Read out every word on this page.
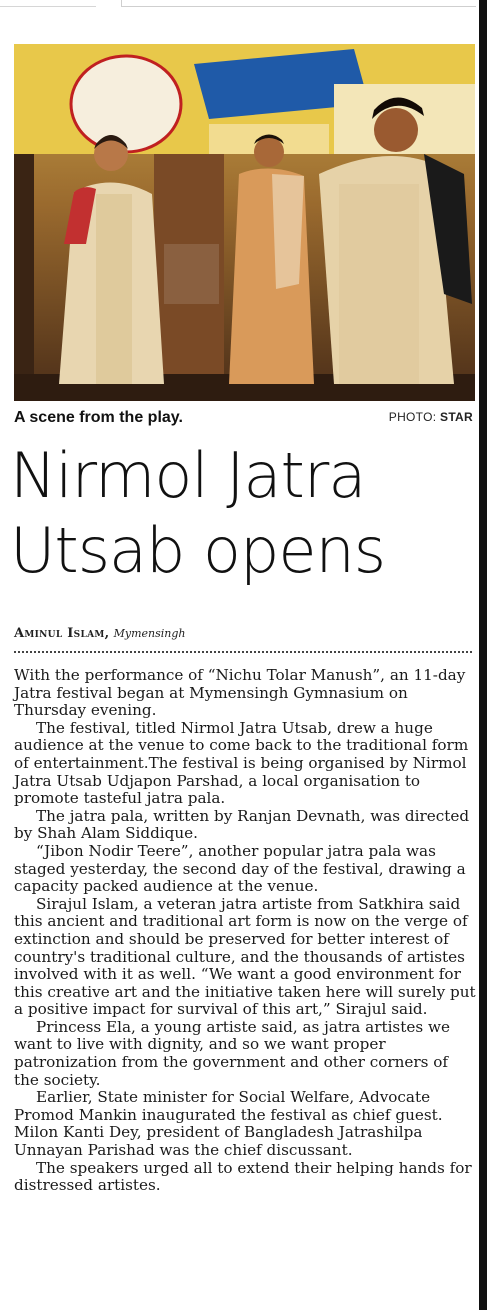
A scene from the play.	PHOTO: STAR
Nirmol Jatra
Utsab opens
Aminul Islam, Mymensingh

With the performance of “Nichu Tolar Manush”, an 11-day Jatra festival began at Mymensingh Gymnasium on Thursday evening.

The festival, titled Nirmol Jatra Utsab, drew a huge audience at the venue to come back to the traditional form of entertainment.The festival is being organised by Nirmol Jatra Utsab Udjapon Parshad, a local organisation to promote tasteful jatra pala.

The jatra pala, written by Ranjan Devnath, was directed by Shah Alam Siddique.

“Jibon Nodir Teere”, another popular jatra pala was staged yesterday, the second day of the festival, drawing a capacity packed audience at the venue.

Sirajul Islam, a veteran jatra artiste from Satkhira said this ancient and traditional art form is now on the verge of extinction and should be preserved for better interest of country's traditional culture, and the thousands of artistes involved with it as well. “We want a good environment for this creative art and the initiative taken here will surely put a positive impact for survival of this art,” Sirajul said.

Princess Ela, a young artiste said, as jatra artistes we want to live with dignity, and so we want proper patronization from the government and other corners of the society.

Earlier, State minister for Social Welfare, Advocate Promod Mankin inaugurated the festival as chief guest. Milon Kanti Dey, president of Bangladesh Jatrashilpa Unnayan Parishad was the chief discussant.

The speakers urged all to extend their helping hands for distressed artistes.
